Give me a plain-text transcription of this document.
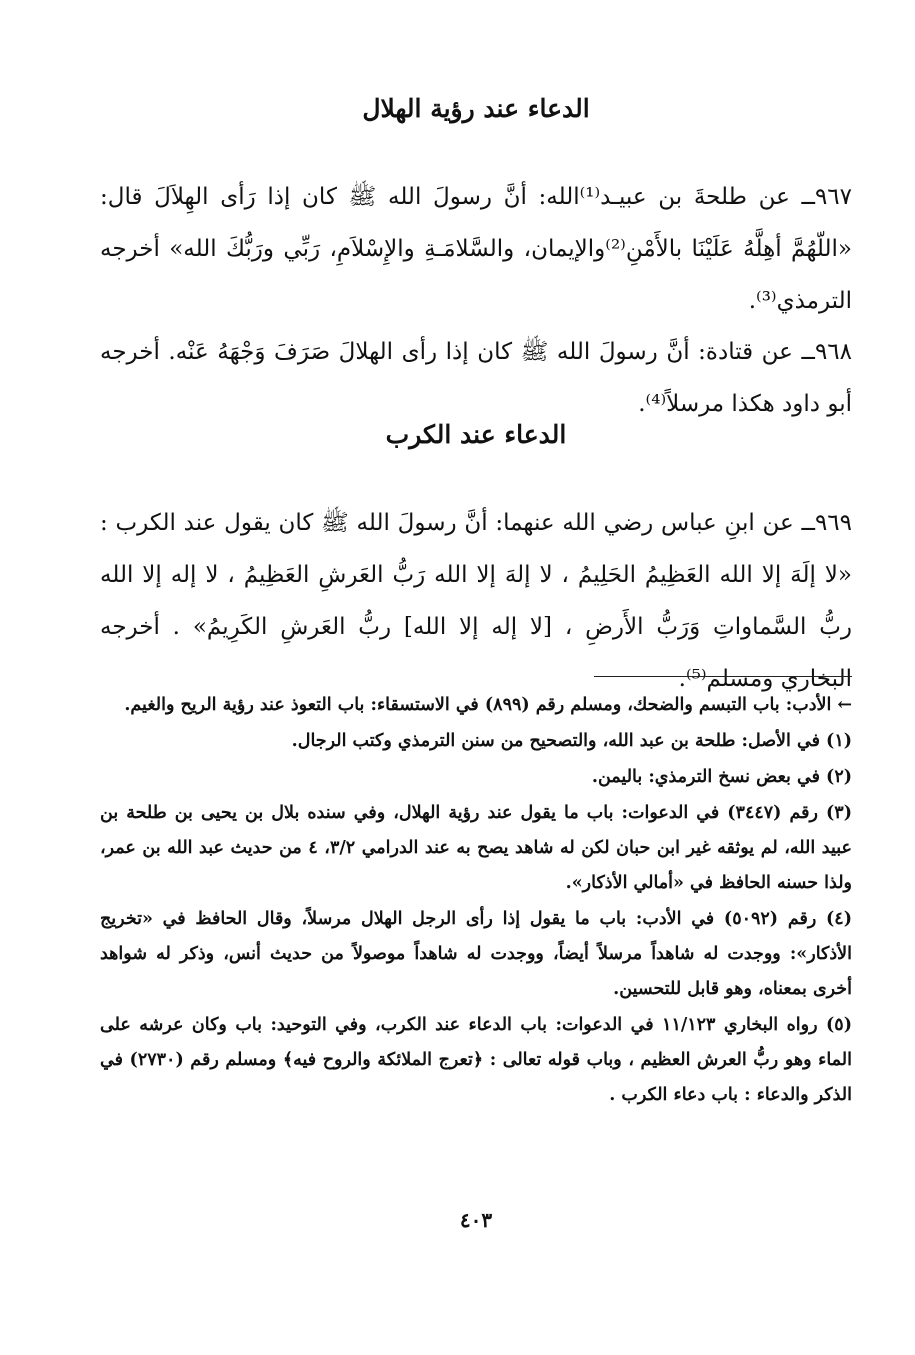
الدعاء عند رؤية الهلال

٩٦٧ــ عن طلحةَ بن عبيـد⁽¹⁾الله: أنَّ رسولَ الله ﷺ كان إذا رَأى الهِلاَلَ قال: «اللّهُمَّ أهِلَّهُ عَلَيْنَا بالأَمْنِ⁽²⁾والإيمان، والسَّلامَـةِ والإِسْلاَمِ، رَبِّي ورَبُّكَ الله» أخرجه الترمذي⁽³⁾.

٩٦٨ــ عن قتادة: أنَّ رسولَ الله ﷺ كان إذا رأى الهلالَ صَرَفَ وَجْهَهُ عَنْه. أخرجه أبو داود هكذا مرسلاً⁽⁴⁾.

الدعاء عند الكرب

٩٦٩ــ عن ابنِ عباس رضي الله عنهما: أنَّ رسولَ الله ﷺ كان يقول عند الكرب : «لا إلَهَ إلا الله العَظِيمُ الحَلِيمُ ، لا إلهَ إلا الله رَبُّ العَرشِ العَظِيمُ ، لا إله إلا الله ربُّ السَّماواتِ وَرَبُّ الأَرضِ ، [لا إله إلا الله] ربُّ العَرشِ الكَرِيمُ» . أخرجه البخاري ومسلم⁽⁵⁾.

←الأدب: باب التبسم والضحك، ومسلم رقم (٨٩٩) في الاستسقاء: باب التعوذ عند رؤية الريح والغيم.

(١) في الأصل: طلحة بن عبد الله، والتصحيح من سنن الترمذي وكتب الرجال.

(٢) في بعض نسخ الترمذي: باليمن.

(٣) رقم (٣٤٤٧) في الدعوات: باب ما يقول عند رؤية الهلال، وفي سنده بلال بن يحيى بن طلحة بن عبيد الله، لم يوثقه غير ابن حبان لكن له شاهد يصح به عند الدرامي ٣/٢، ٤ من حديث عبد الله بن عمر، ولذا حسنه الحافظ في «أمالي الأذكار».

(٤) رقم (٥٠٩٢) في الأدب: باب ما يقول إذا رأى الرجل الهلال مرسلاً، وقال الحافظ في «تخريج الأذكار»: ووجدت له شاهداً مرسلاً أيضاً، ووجدت له شاهداً موصولاً من حديث أنس، وذكر له شواهد أخرى بمعناه، وهو قابل للتحسين.

(٥) رواه البخاري ١١/١٢٣ في الدعوات: باب الدعاء عند الكرب، وفي التوحيد: باب وكان عرشه على الماء وهو ربُّ العرش العظيم ، وباب قوله تعالى : ﴿تعرج الملائكة والروح فيه﴾ ومسلم رقم (٢٧٣٠) في الذكر والدعاء : باب دعاء الكرب .

٤٠٣
